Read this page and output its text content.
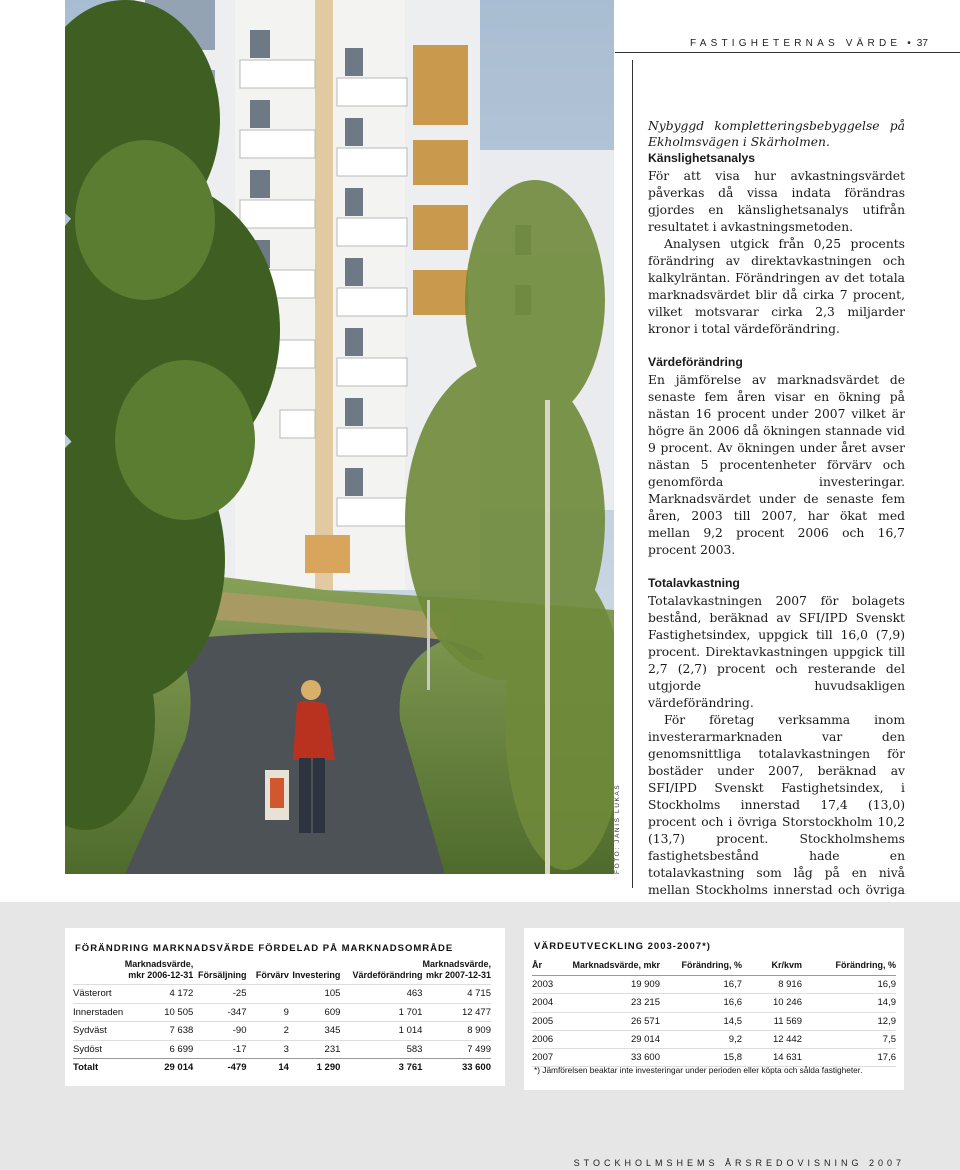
FASTIGHETERNAS VÄRDE • 37
FOTO: JANIS LUKAS

Nybyggd kompletteringsbebyggelse på Ekholmsvägen i Skärholmen.

Känslighetsanalys

För att visa hur avkastningsvärdet påverkas då vissa indata förändras gjordes en känslighetsanalys utifrån resultatet i avkastningsmetoden.

Analysen utgick från 0,25 procents förändring av direktavkastningen och kalkylräntan. Förändringen av det totala marknadsvärdet blir då cirka 7 procent, vilket motsvarar cirka 2,3 miljarder kronor i total värdeförändring.

Värdeförändring

En jämförelse av marknadsvärdet de senaste fem åren visar en ökning på nästan 16 procent under 2007 vilket är högre än 2006 då ökningen stannade vid 9 procent. Av ökningen under året avser nästan 5 procentenheter förvärv och genomförda investeringar. Marknadsvärdet under de senaste fem åren, 2003 till 2007, har ökat med mellan 9,2 procent 2006 och 16,7 procent 2003.

Totalavkastning

Totalavkastningen 2007 för bolagets bestånd, beräknad av SFI/IPD Svenskt Fastighetsindex, uppgick till 16,0 (7,9) procent. Direktavkastningen uppgick till 2,7 (2,7) procent och resterande del utgjorde huvudsakligen värdeförändring.

För företag verksamma inom investerarmarknaden var den genomsnittliga totalavkastningen för bostäder under 2007, beräknad av SFI/IPD Svenskt Fastighetsindex, i Stockholms innerstad 17,4 (13,0) procent och i övriga Storstockholm 10,2 (13,7) procent. Stockholmshems fastighetsbestånd hade en totalavkastning som låg på en nivå mellan Stockholms innerstad och övriga

FÖRÄNDRING MARKNADSVÄRDE FÖRDELAD PÅ MARKNADSOMRÅDE
	Marknadsvärde, mkr 2006-12-31	Försäljning	Förvärv	Investering	Värdeförändring	Marknadsvärde, mkr 2007-12-31
Västerort	4 172	-25		105	463	4 715
Innerstaden	10 505	-347	9	609	1 701	12 477
Sydväst	7 638	-90	2	345	1 014	8 909
Sydöst	6 699	-17	3	231	583	7 499
Totalt	29 014	-479	14	1 290	3 761	33 600
VÄRDEUTVECKLING 2003-2007*)
År	Marknadsvärde, mkr	Förändring, %	Kr/kvm	Förändring, %
2003	19 909	16,7	8 916	16,9
2004	23 215	16,6	10 246	14,9
2005	26 571	14,5	11 569	12,9
2006	29 014	9,2	12 442	7,5
2007	33 600	15,8	14 631	17,6
*) Jämförelsen beaktar inte investeringar under perioden eller köpta och sålda fastigheter.
STOCKHOLMSHEMS ÅRSREDOVISNING 2007
